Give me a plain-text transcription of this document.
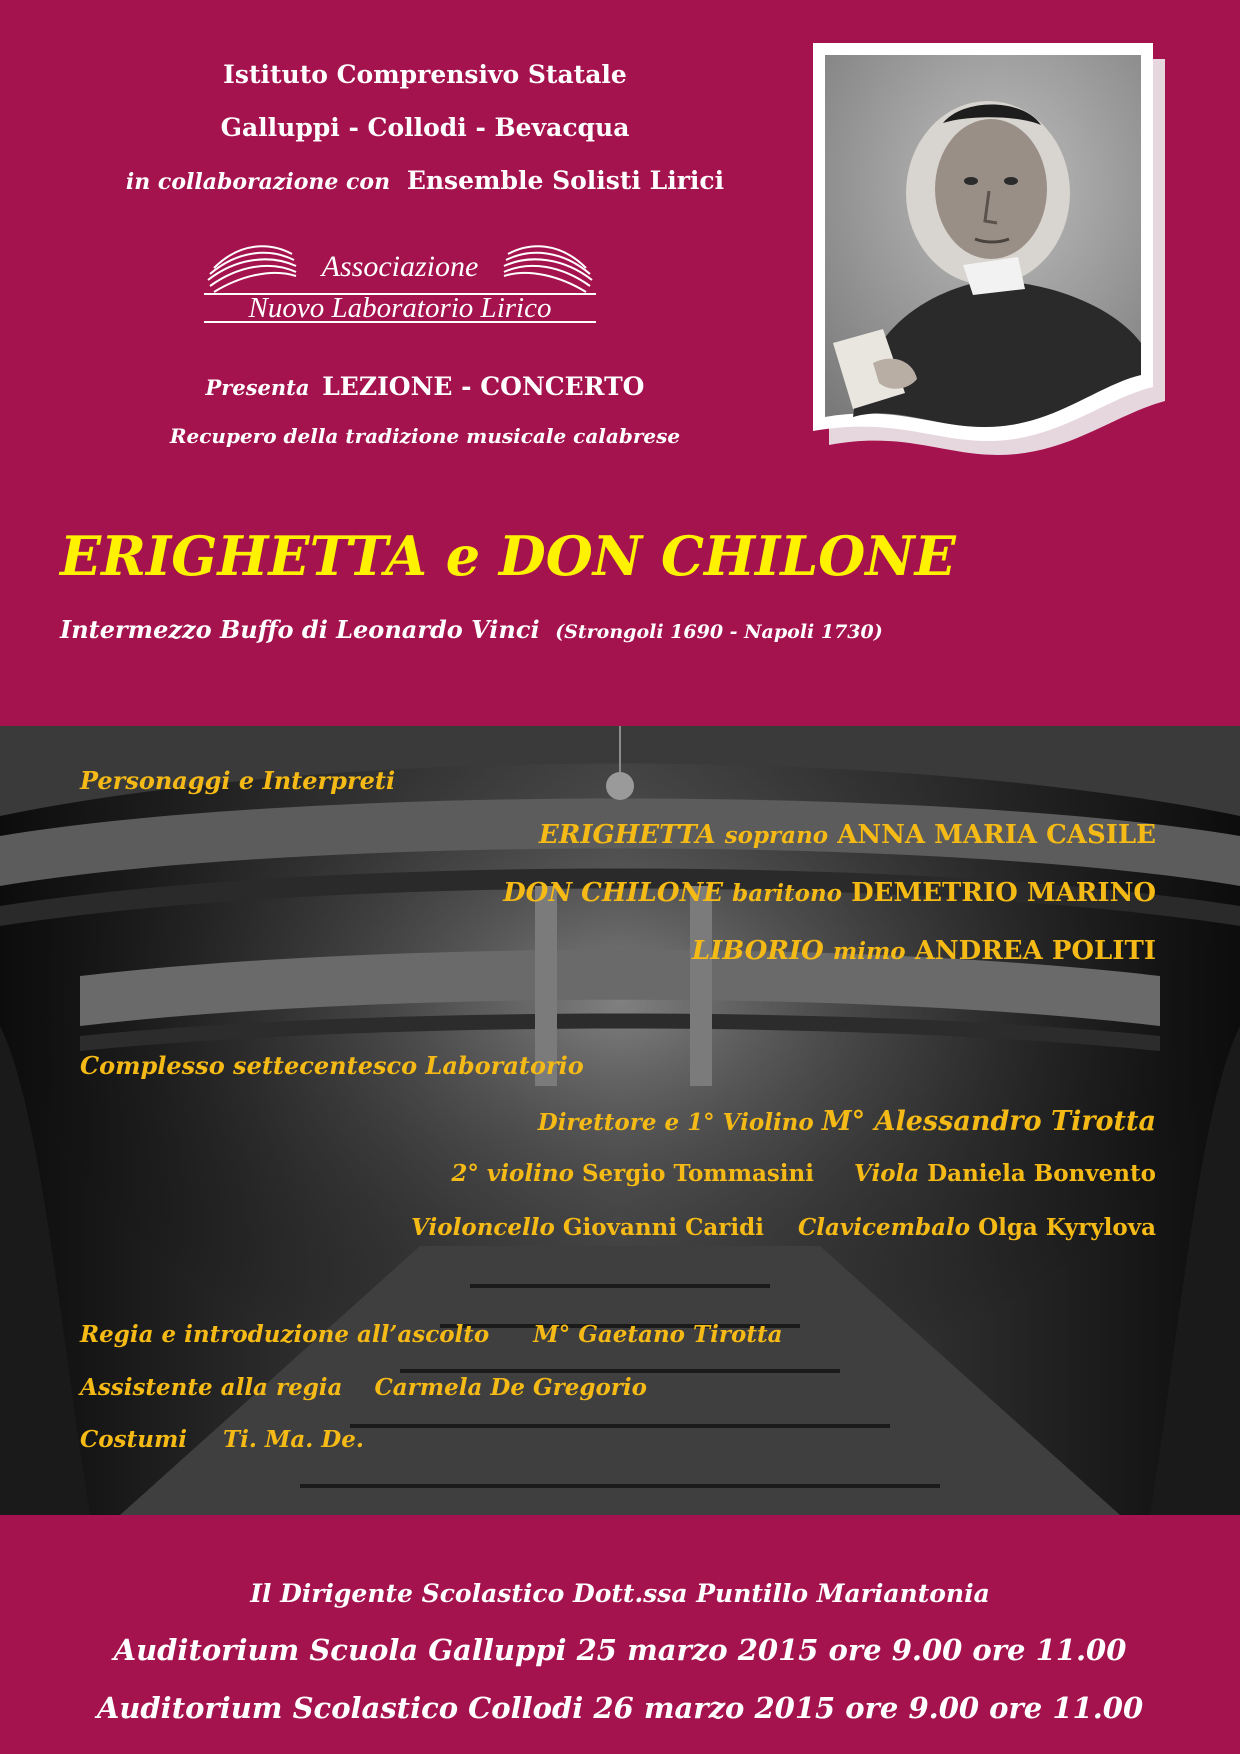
Istituto Comprensivo Statale
Galluppi - Collodi - Bevacqua
in collaborazione con Ensemble Solisti Lirici
Associazione
Nuovo Laboratorio Lirico
Presenta LEZIONE - CONCERTO
Recupero della tradizione musicale calabrese
ERIGHETTA e DON CHILONE
Intermezzo Buffo di Leonardo Vinci (Strongoli 1690 - Napoli 1730)
Personaggi e Interpreti
ERIGHETTA soprano ANNA MARIA CASILE
DON CHILONE baritono DEMETRIO MARINO
LIBORIO mimo ANDREA POLITI
Complesso settecentesco Laboratorio
Direttore e 1° Violino M° Alessandro Tirotta
2° violino Sergio Tommasini Viola Daniela Bonvento
Violoncello Giovanni Caridi Clavicembalo Olga Kyrylova
Regia e introduzione all’ascolto M° Gaetano Tirotta
Assistente alla regia Carmela De Gregorio
Costumi Ti. Ma. De.
Il Dirigente Scolastico Dott.ssa Puntillo Mariantonia
Auditorium Scuola Galluppi 25 marzo 2015 ore 9.00 ore 11.00
Auditorium Scolastico Collodi 26 marzo 2015 ore 9.00 ore 11.00
